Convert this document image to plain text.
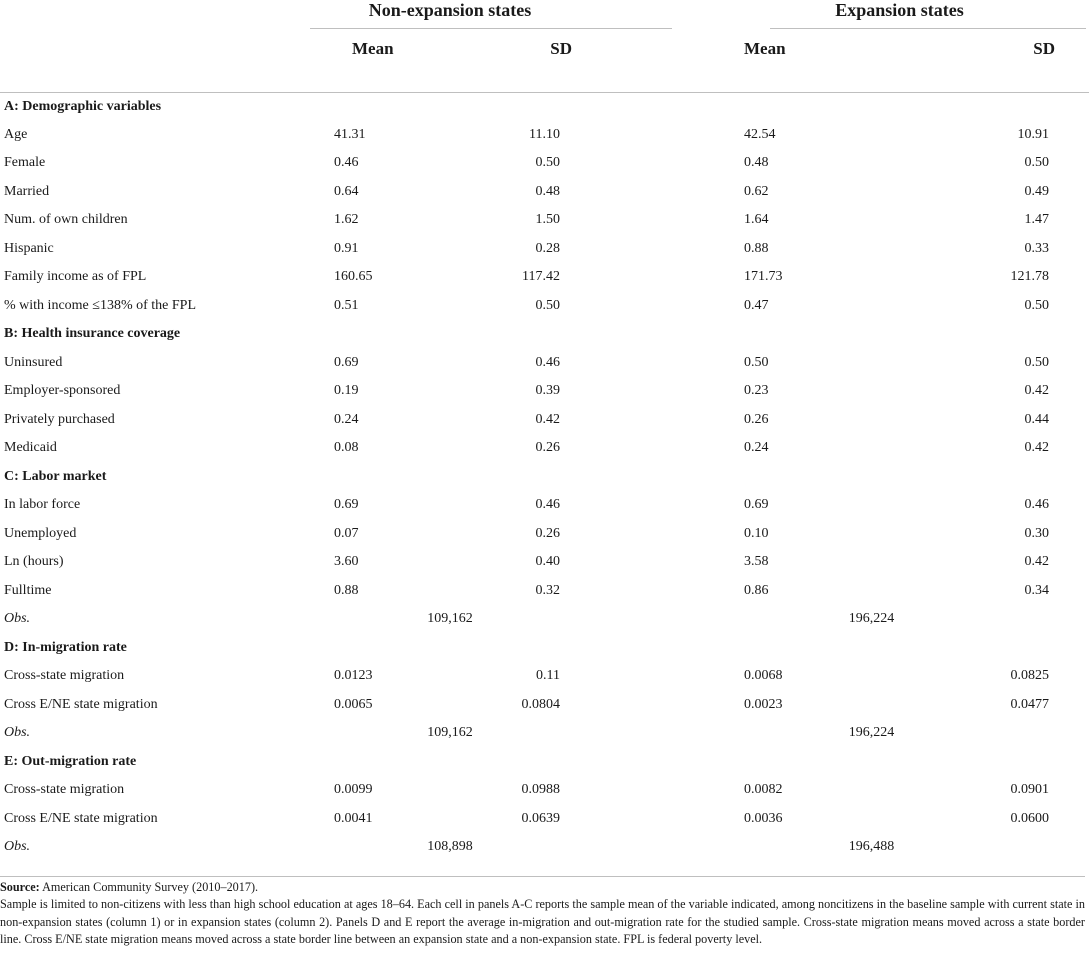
	Non-expansion states			Expansion states	
	Mean	SD		Mean	SD

A: Demographic variables					
Age	41.31	11.10		42.54	10.91
Female	0.46	0.50		0.48	0.50
Married	0.64	0.48		0.62	0.49
Num. of own children	1.62	1.50		1.64	1.47
Hispanic	0.91	0.28		0.88	0.33
Family income as of FPL	160.65	117.42		171.73	121.78
% with income ≤138% of the FPL	0.51	0.50		0.47	0.50
B: Health insurance coverage					
Uninsured	0.69	0.46		0.50	0.50
Employer-sponsored	0.19	0.39		0.23	0.42
Privately purchased	0.24	0.42		0.26	0.44
Medicaid	0.08	0.26		0.24	0.42
C: Labor market					
In labor force	0.69	0.46		0.69	0.46
Unemployed	0.07	0.26		0.10	0.30
Ln (hours)	3.60	0.40		3.58	0.42
Fulltime	0.88	0.32		0.86	0.34
Obs.	109,162			196,224	
D: In-migration rate					
Cross-state migration	0.0123	0.11		0.0068	0.0825
Cross E/NE state migration	0.0065	0.0804		0.0023	0.0477
Obs.	109,162			196,224	
E: Out-migration rate					
Cross-state migration	0.0099	0.0988		0.0082	0.0901
Cross E/NE state migration	0.0041	0.0639		0.0036	0.0600
Obs.	108,898			196,488	

Source: American Community Survey (2010–2017).

Sample is limited to non-citizens with less than high school education at ages 18–64. Each cell in panels A-C reports the sample mean of the variable indicated, among noncitizens in the baseline sample with current state in non-expansion states (column 1) or in expansion states (column 2). Panels D and E report the average in-migration and out-migration rate for the studied sample. Cross-state migration means moved across a state border line. Cross E/NE state migration means moved across a state border line between an expansion state and a non-expansion state. FPL is federal poverty level.
